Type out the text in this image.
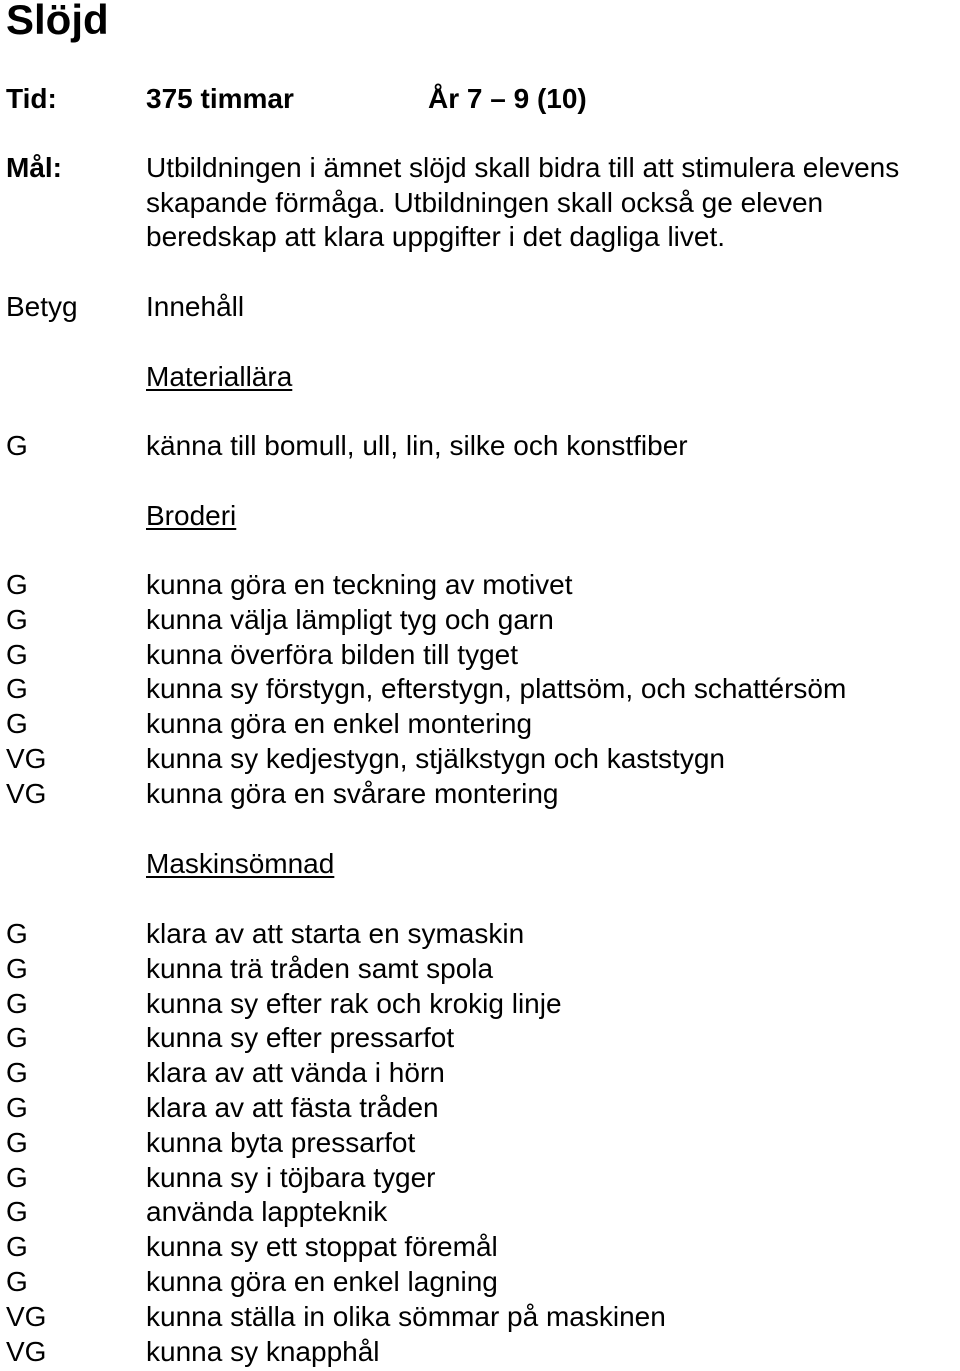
Slöjd
Tid:	375 timmar	År 7 – 9 (10)
Mål:	Utbildningen i ämnet slöjd skall bidra till att stimulera elevens
skapande förmåga. Utbildningen skall också ge eleven
beredskap att klara uppgifter i det dagliga livet.

Betyg Innehåll
Materiallära
G	känna till bomull, ull, lin, silke och konstfiber
Broderi
G	kunna göra en teckning av motivet
G	kunna välja lämpligt tyg och garn
G	kunna överföra bilden till tyget
G	kunna sy förstygn, efterstygn, plattsöm, och schattérsöm
G	kunna göra en enkel montering
VG	kunna sy kedjestygn, stjälkstygn och kaststygn
VG	kunna göra en svårare montering
Maskinsömnad
G	klara av att starta en symaskin
G	kunna trä tråden samt spola
G	kunna sy efter rak och krokig linje
G	kunna sy efter pressarfot
G	klara av att vända i hörn
G	klara av att fästa tråden
G	kunna byta pressarfot
G	kunna sy i töjbara tyger
G	använda lappteknik
G	kunna sy ett stoppat föremål
G	kunna göra en enkel lagning
VG	kunna ställa in olika sömmar på maskinen
VG	kunna sy knapphål
